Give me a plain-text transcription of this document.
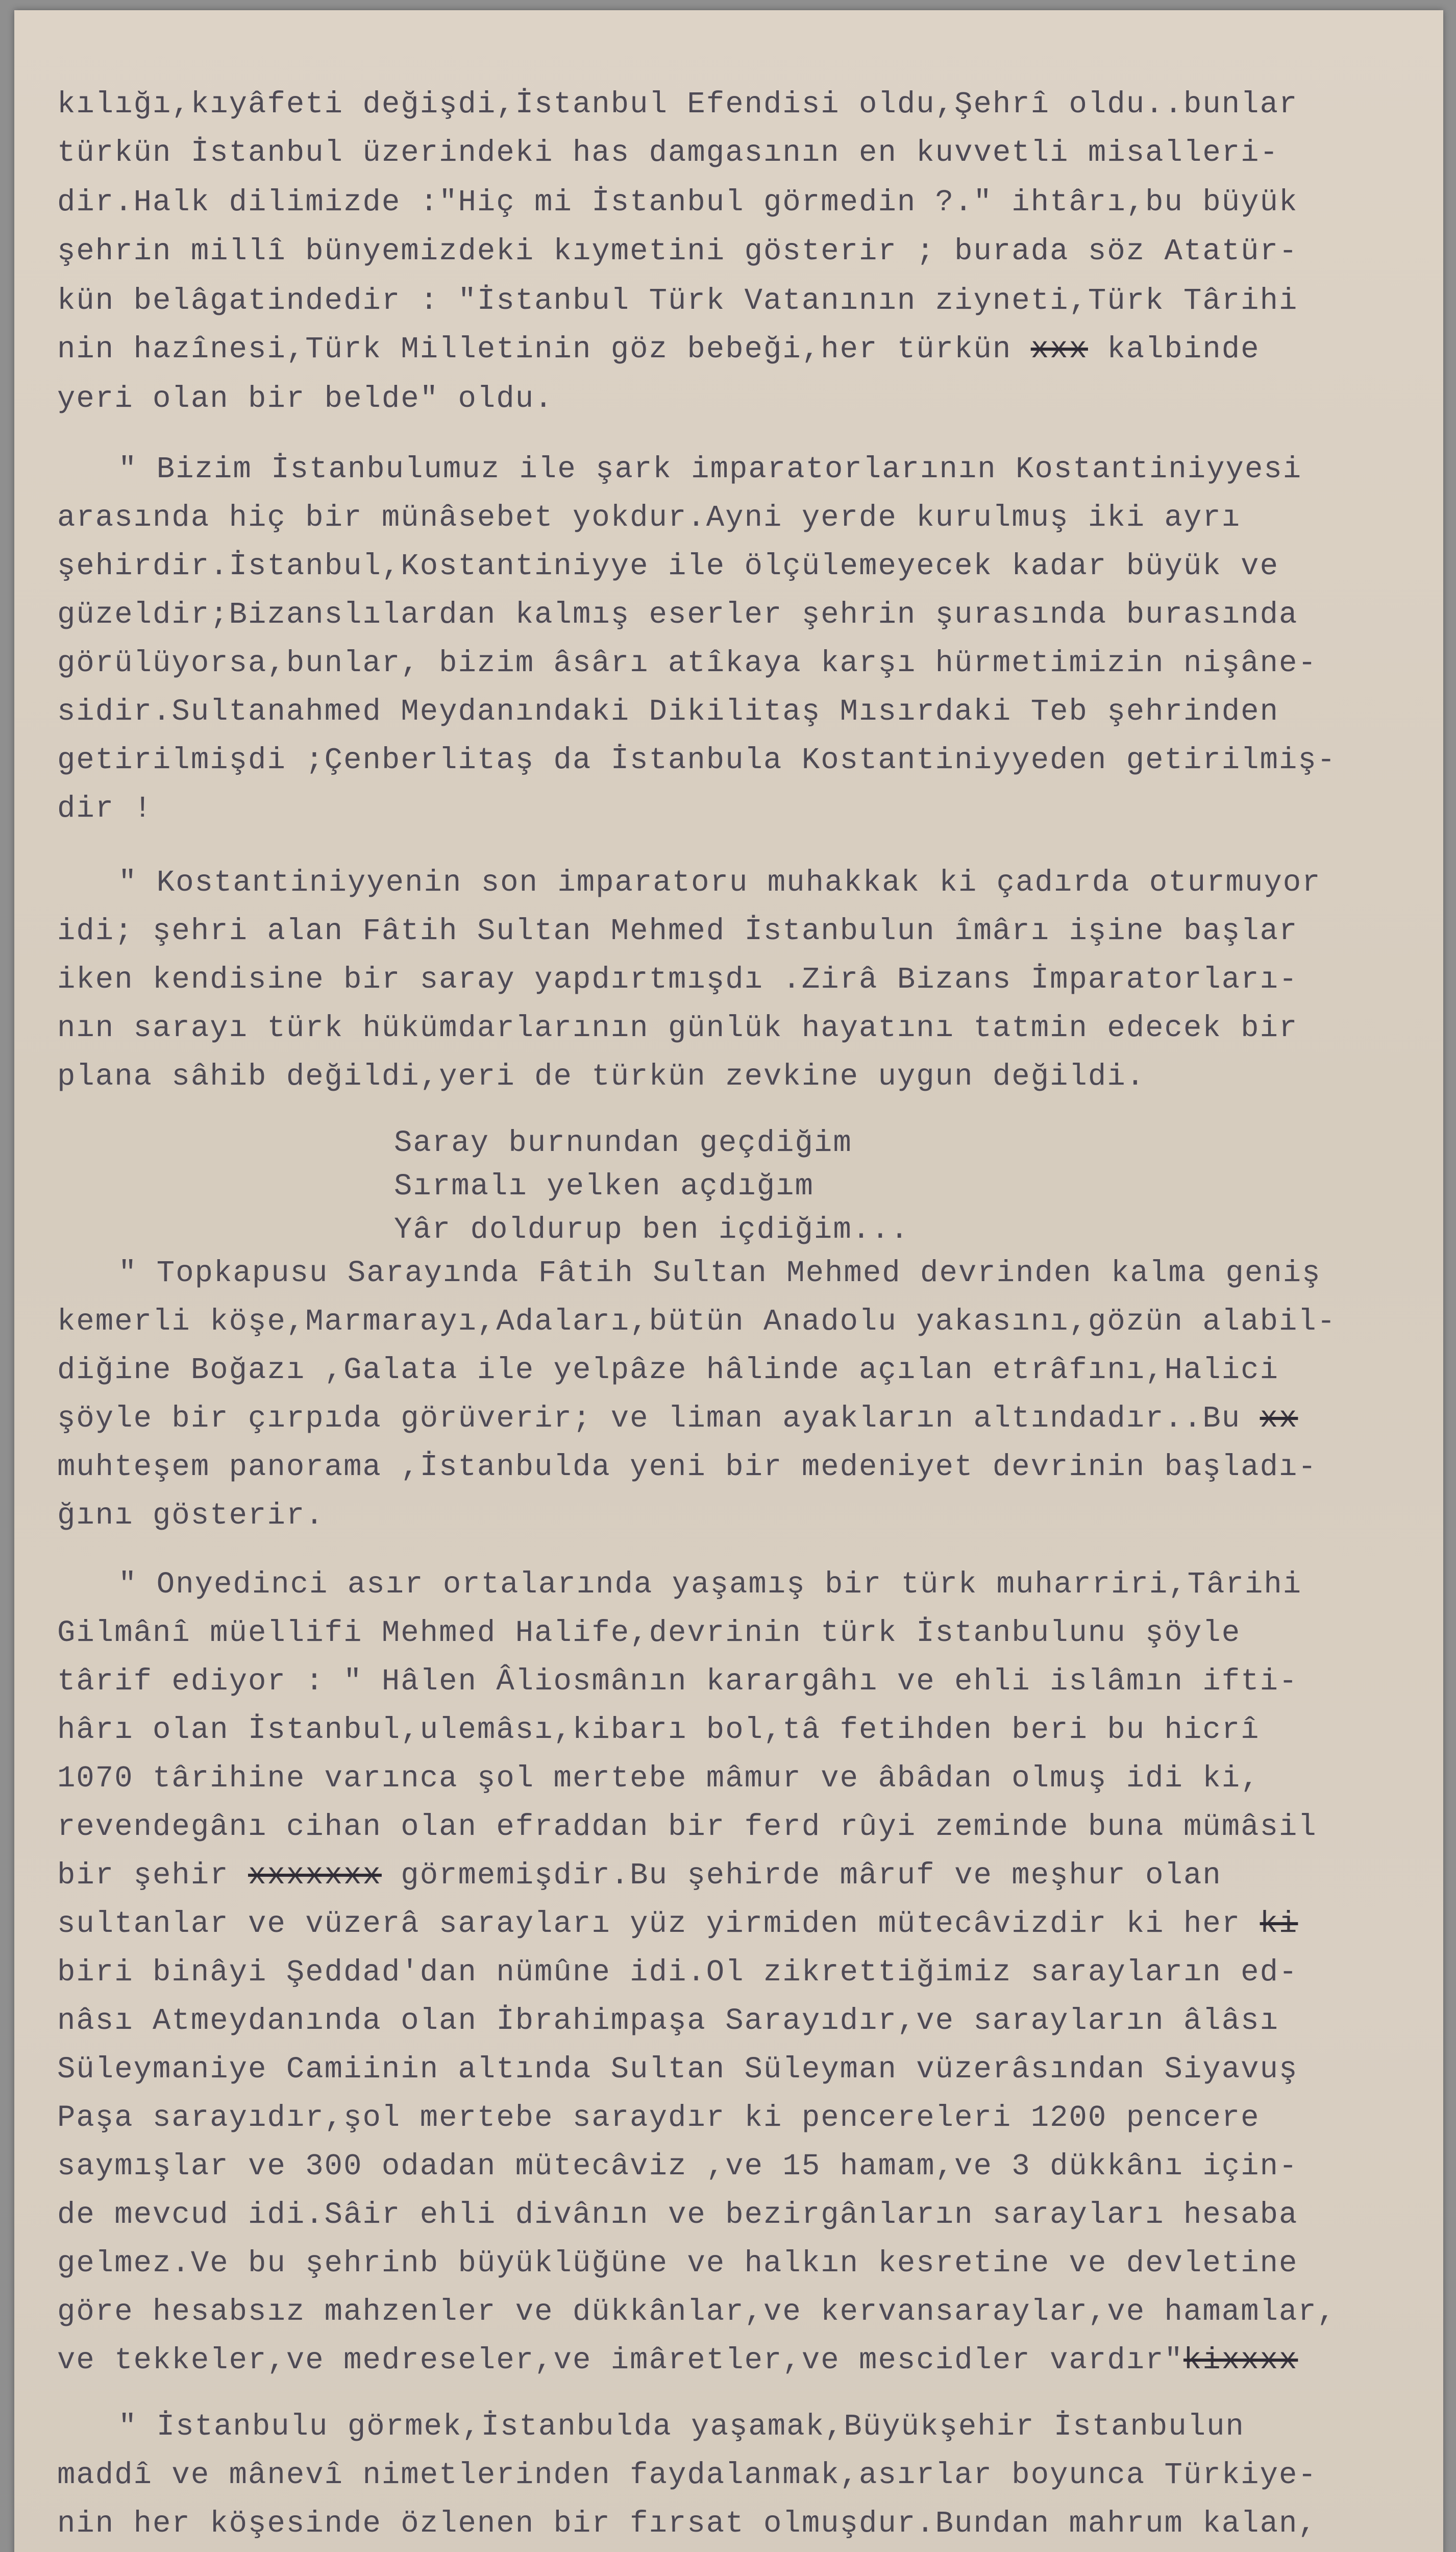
kılığı,kıyâfeti değişdi,İstanbul Efendisi oldu,Şehrî oldu..bunlar
türkün İstanbul üzerindeki has damgasının en kuvvetli misalleri-
dir.Halk dilimizde :"Hiç mi İstanbul görmedin ?." ihtârı,bu büyük
şehrin millî bünyemizdeki kıymetini gösterir ; burada söz Atatür-
kün belâgatindedir : "İstanbul Türk Vatanının ziyneti,Türk Târihi
nin hazînesi,Türk Milletinin göz bebeği,her türkün xxx kalbinde
yeri olan bir belde" oldu.
" Bizim İstanbulumuz ile şark imparatorlarının Kostantiniyyesi
arasında hiç bir münâsebet yokdur.Ayni yerde kurulmuş iki ayrı
şehirdir.İstanbul,Kostantiniyye ile ölçülemeyecek kadar büyük ve
güzeldir;Bizanslılardan kalmış eserler şehrin şurasında burasında
görülüyorsa,bunlar, bizim âsârı atîkaya karşı hürmetimizin nişâne-
sidir.Sultanahmed Meydanındaki Dikilitaş Mısırdaki Teb şehrinden
getirilmişdi ;Çenberlitaş da İstanbula Kostantiniyyeden getirilmiş-
dir !
" Kostantiniyyenin son imparatoru muhakkak ki çadırda oturmuyor
idi; şehri alan Fâtih Sultan Mehmed İstanbulun îmârı işine başlar
iken kendisine bir saray yapdırtmışdı .Zirâ Bizans İmparatorları-
nın sarayı türk hükümdarlarının günlük hayatını tatmin edecek bir
plana sâhib değildi,yeri de türkün zevkine uygun değildi.
Saray burnundan geçdiğim
Sırmalı yelken açdığım
Yâr doldurup ben içdiğim...
" Topkapusu Sarayında Fâtih Sultan Mehmed devrinden kalma geniş
kemerli köşe,Marmarayı,Adaları,bütün Anadolu yakasını,gözün alabil-
diğine Boğazı ,Galata ile yelpâze hâlinde açılan etrâfını,Halici
şöyle bir çırpıda görüverir; ve liman ayakların altındadır..Bu xx
muhteşem panorama ,İstanbulda yeni bir medeniyet devrinin başladı-
ğını gösterir.
" Onyedinci asır ortalarında yaşamış bir türk muharriri,Târihi
Gilmânî müellifi Mehmed Halife,devrinin türk İstanbulunu şöyle
târif ediyor : " Hâlen Âliosmânın karargâhı ve ehli islâmın ifti-
hârı olan İstanbul,ulemâsı,kibarı bol,tâ fetihden beri bu hicrî
1070 târihine varınca şol mertebe mâmur ve âbâdan olmuş idi ki,
revendegânı cihan olan efraddan bir ferd rûyi zeminde buna mümâsil
bir şehir xxxxxxx görmemişdir.Bu şehirde mâruf ve meşhur olan
sultanlar ve vüzerâ sarayları yüz yirmiden mütecâvizdir ki her ki
biri binâyi Şeddad'dan nümûne idi.Ol zikrettiğimiz sarayların ed-
nâsı Atmeydanında olan İbrahimpaşa Sarayıdır,ve sarayların âlâsı
Süleymaniye Camiinin altında Sultan Süleyman vüzerâsından Siyavuş
Paşa sarayıdır,şol mertebe saraydır ki pencereleri 1200 pencere
saymışlar ve 300 odadan mütecâviz ,ve 15 hamam,ve 3 dükkânı için-
de mevcud idi.Sâir ehli divânın ve bezirgânların sarayları hesaba
gelmez.Ve bu şehrinb büyüklüğüne ve halkın kesretine ve devletine
göre hesabsız mahzenler ve dükkânlar,ve kervansaraylar,ve hamamlar,
ve tekkeler,ve medreseler,ve imâretler,ve mescidler vardır"kixxxx
" İstanbulu görmek,İstanbulda yaşamak,Büyükşehir İstanbulun
maddî ve mânevî nimetlerinden faydalanmak,asırlar boyunca Türkiye-
nin her köşesinde özlenen bir fırsat olmuşdur.Bundan mahrum kalan,
